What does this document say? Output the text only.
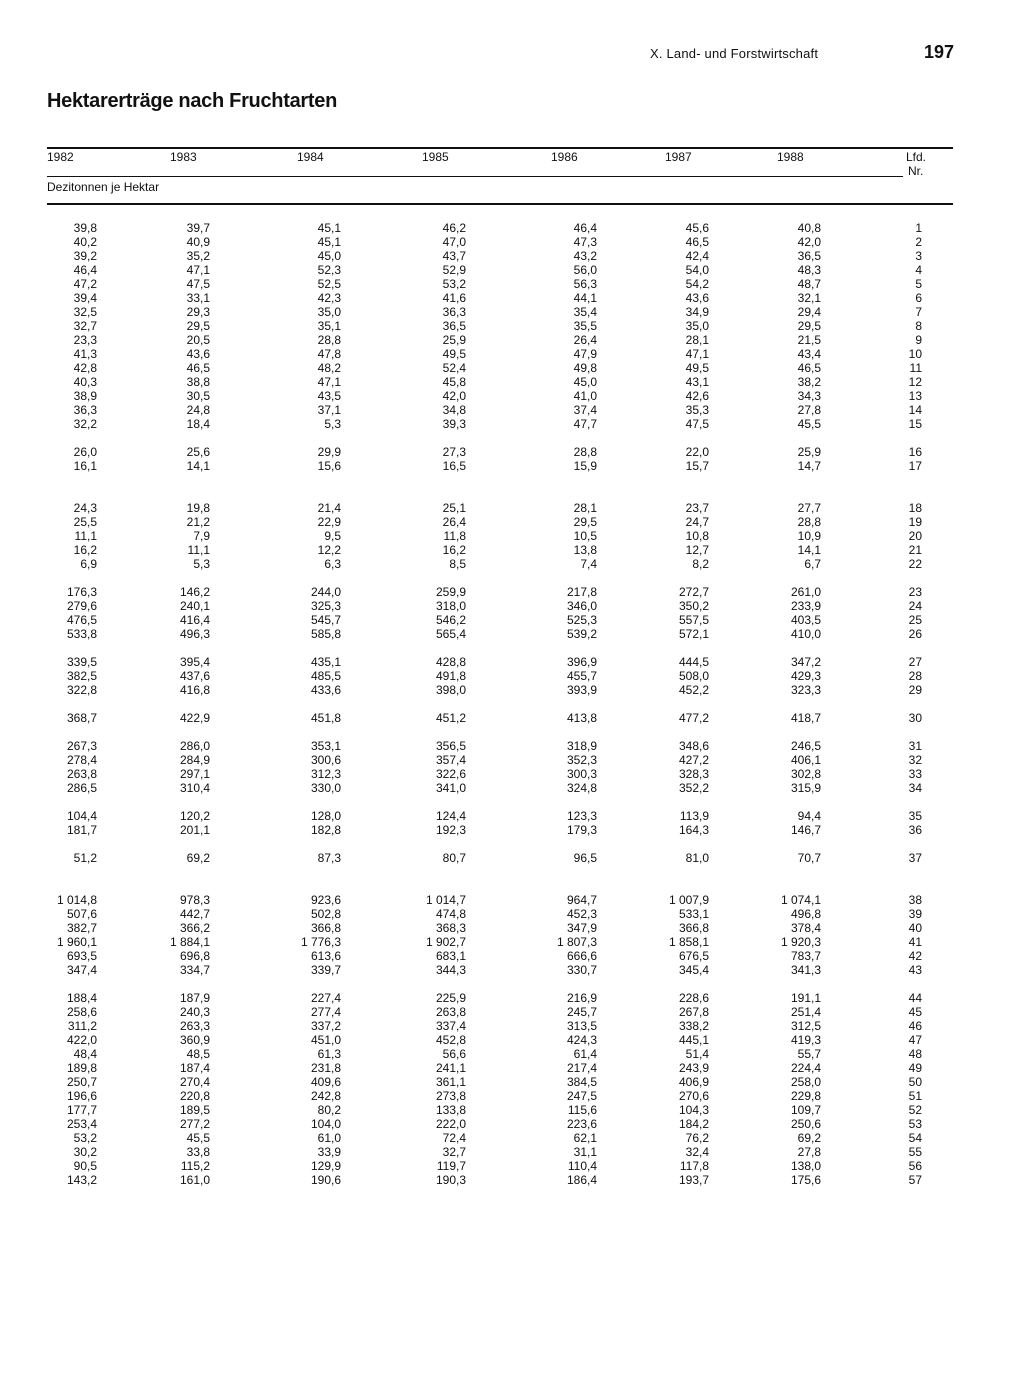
X. Land- und Forstwirtschaft	197
Hektarerträge nach Fruchtarten
1982	1983	1984	1985	1986	1987	1988	Lfd.
Nr.
Dezitonnen je Hektar
39,8	39,7	45,1	46,2	46,4	45,6	40,8	1
40,2	40,9	45,1	47,0	47,3	46,5	42,0	2
39,2	35,2	45,0	43,7	43,2	42,4	36,5	3
46,4	47,1	52,3	52,9	56,0	54,0	48,3	4
47,2	47,5	52,5	53,2	56,3	54,2	48,7	5
39,4	33,1	42,3	41,6	44,1	43,6	32,1	6
32,5	29,3	35,0	36,3	35,4	34,9	29,4	7
32,7	29,5	35,1	36,5	35,5	35,0	29,5	8
23,3	20,5	28,8	25,9	26,4	28,1	21,5	9
41,3	43,6	47,8	49,5	47,9	47,1	43,4	10
42,8	46,5	48,2	52,4	49,8	49,5	46,5	11
40,3	38,8	47,1	45,8	45,0	43,1	38,2	12
38,9	30,5	43,5	42,0	41,0	42,6	34,3	13
36,3	24,8	37,1	34,8	37,4	35,3	27,8	14
32,2	18,4	5,3	39,3	47,7	47,5	45,5	15

26,0	25,6	29,9	27,3	28,8	22,0	25,9	16
16,1	14,1	15,6	16,5	15,9	15,7	14,7	17

24,3	19,8	21,4	25,1	28,1	23,7	27,7	18
25,5	21,2	22,9	26,4	29,5	24,7	28,8	19
11,1	7,9	9,5	11,8	10,5	10,8	10,9	20
16,2	11,1	12,2	16,2	13,8	12,7	14,1	21
6,9	5,3	6,3	8,5	7,4	8,2	6,7	22

176,3	146,2	244,0	259,9	217,8	272,7	261,0	23
279,6	240,1	325,3	318,0	346,0	350,2	233,9	24
476,5	416,4	545,7	546,2	525,3	557,5	403,5	25
533,8	496,3	585,8	565,4	539,2	572,1	410,0	26

339,5	395,4	435,1	428,8	396,9	444,5	347,2	27
382,5	437,6	485,5	491,8	455,7	508,0	429,3	28
322,8	416,8	433,6	398,0	393,9	452,2	323,3	29

368,7	422,9	451,8	451,2	413,8	477,2	418,7	30

267,3	286,0	353,1	356,5	318,9	348,6	246,5	31
278,4	284,9	300,6	357,4	352,3	427,2	406,1	32
263,8	297,1	312,3	322,6	300,3	328,3	302,8	33
286,5	310,4	330,0	341,0	324,8	352,2	315,9	34

104,4	120,2	128,0	124,4	123,3	113,9	94,4	35
181,7	201,1	182,8	192,3	179,3	164,3	146,7	36

51,2	69,2	87,3	80,7	96,5	81,0	70,7	37

1 014,8	978,3	923,6	1 014,7	964,7	1 007,9	1 074,1	38
507,6	442,7	502,8	474,8	452,3	533,1	496,8	39
382,7	366,2	366,8	368,3	347,9	366,8	378,4	40
1 960,1	1 884,1	1 776,3	1 902,7	1 807,3	1 858,1	1 920,3	41
693,5	696,8	613,6	683,1	666,6	676,5	783,7	42
347,4	334,7	339,7	344,3	330,7	345,4	341,3	43

188,4	187,9	227,4	225,9	216,9	228,6	191,1	44
258,6	240,3	277,4	263,8	245,7	267,8	251,4	45
311,2	263,3	337,2	337,4	313,5	338,2	312,5	46
422,0	360,9	451,0	452,8	424,3	445,1	419,3	47
48,4	48,5	61,3	56,6	61,4	51,4	55,7	48
189,8	187,4	231,8	241,1	217,4	243,9	224,4	49
250,7	270,4	409,6	361,1	384,5	406,9	258,0	50
196,6	220,8	242,8	273,8	247,5	270,6	229,8	51
177,7	189,5	80,2	133,8	115,6	104,3	109,7	52
253,4	277,2	104,0	222,0	223,6	184,2	250,6	53
53,2	45,5	61,0	72,4	62,1	76,2	69,2	54
30,2	33,8	33,9	32,7	31,1	32,4	27,8	55
90,5	115,2	129,9	119,7	110,4	117,8	138,0	56
143,2	161,0	190,6	190,3	186,4	193,7	175,6	57
